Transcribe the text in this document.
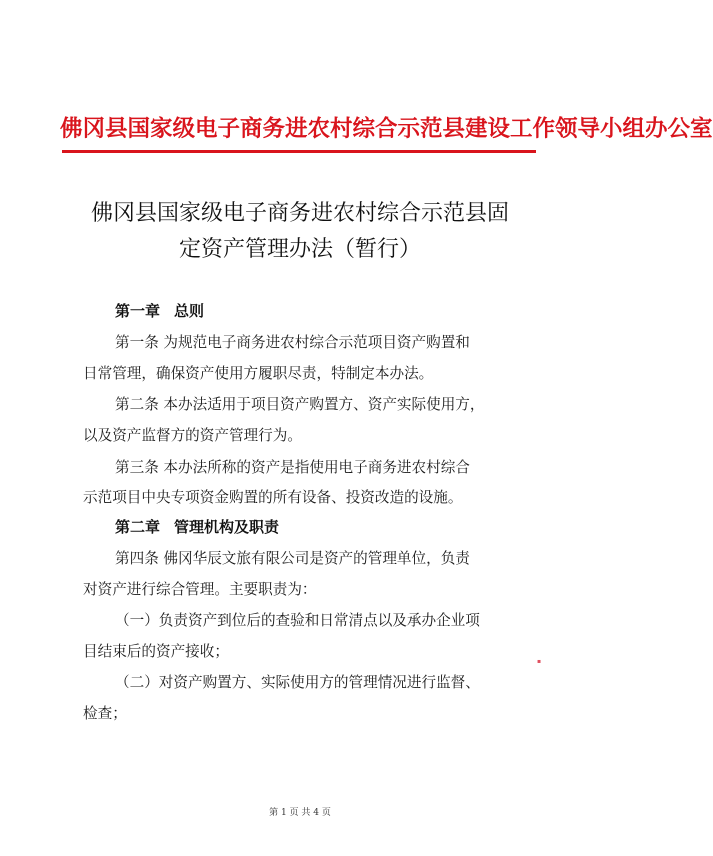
佛冈县国家级电子商务进农村综合示范县建设工作领导小组办公室
佛冈县国家级电子商务进农村综合示范县固
定资产管理办法（暂行）
第一章 总则
第一条 为规范电子商务进农村综合示范项目资产购置和
日常管理，确保资产使用方履职尽责，特制定本办法。
第二条 本办法适用于项目资产购置方、资产实际使用方，
以及资产监督方的资产管理行为。
第三条 本办法所称的资产是指使用电子商务进农村综合
示范项目中央专项资金购置的所有设备、投资改造的设施。
第二章 管理机构及职责
第四条 佛冈华辰文旅有限公司是资产的管理单位，负责
对资产进行综合管理。主要职责为：
（一）负责资产到位后的查验和日常清点以及承办企业项
目结束后的资产接收；
（二）对资产购置方、实际使用方的管理情况进行监督、
检查；
▪
第 1 页 共 4 页
